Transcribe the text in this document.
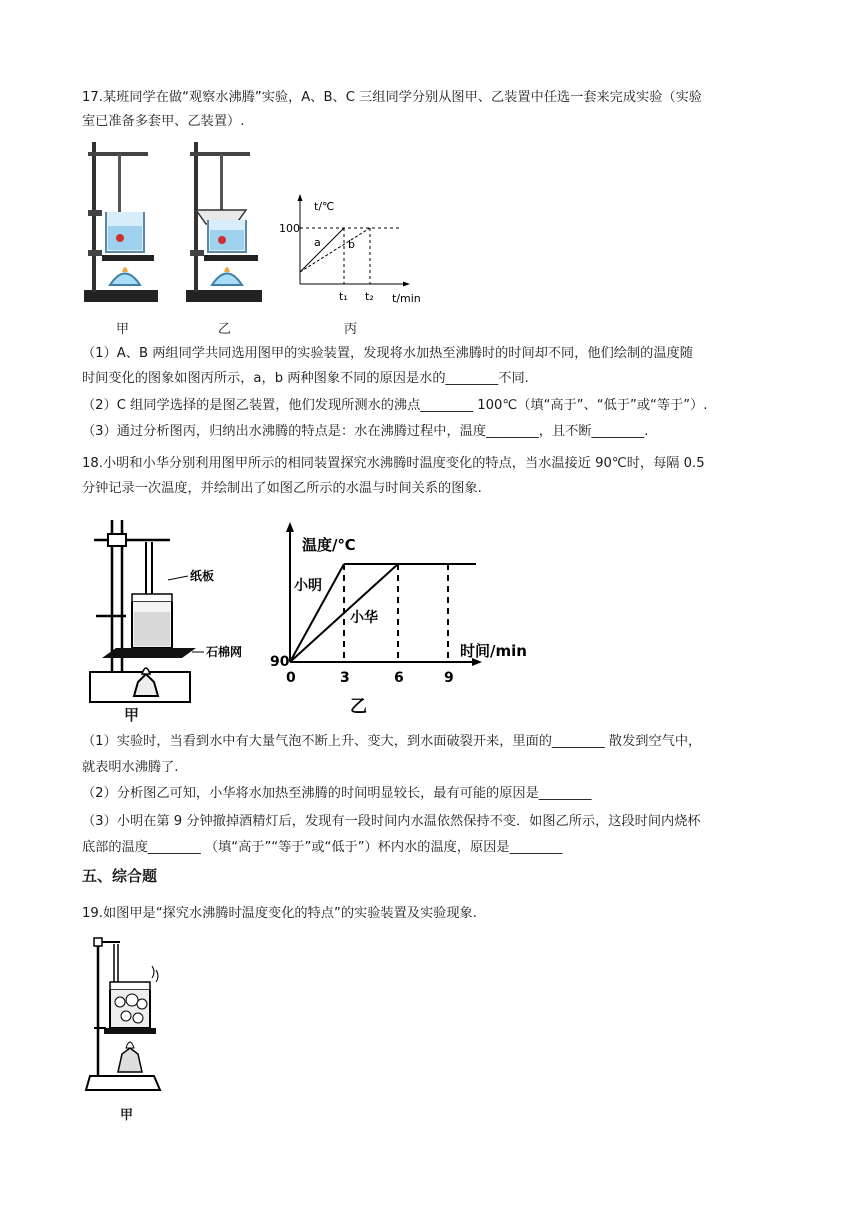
17.某班同学在做“观察水沸腾”实验，A、B、C 三组同学分别从图甲、乙装置中任选一套来完成实验（实验
室已准备多套甲、乙装置）.
甲	乙
t/℃
100
a b
t₁ t₂ t/min
丙
（1）A、B 两组同学共同选用图甲的实验装置，发现将水加热至沸腾时的时间却不同，他们绘制的温度随
时间变化的图象如图丙所示，a，b 两种图象不同的原因是水的________不同.
（2）C 组同学选择的是图乙装置，他们发现所测水的沸点________ 100℃（填“高于”、“低于”或“等于”）.
（3）通过分析图丙，归纳出水沸腾的特点是：水在沸腾过程中，温度________，且不断________.
18.小明和小华分别利用图甲所示的相同装置探究水沸腾时温度变化的特点，当水温接近 90℃时，每隔 0.5
分钟记录一次温度，并绘制出了如图乙所示的水温与时间关系的图象.
纸板
石棉网
甲
温度/℃
小明
小华
时间/min
90
0	3	6	9
乙
（1）实验时，当看到水中有大量气泡不断上升、变大，到水面破裂开来，里面的________ 散发到空气中，
就表明水沸腾了.
（2）分析图乙可知，小华将水加热至沸腾的时间明显较长，最有可能的原因是________
（3）小明在第 9 分钟撤掉酒精灯后，发现有一段时间内水温依然保持不变．如图乙所示，这段时间内烧杯
底部的温度________ （填“高于”“等于”或“低于”）杯内水的温度，原因是________
五、综合题
19.如图甲是“探究水沸腾时温度变化的特点”的实验装置及实验现象.
甲
